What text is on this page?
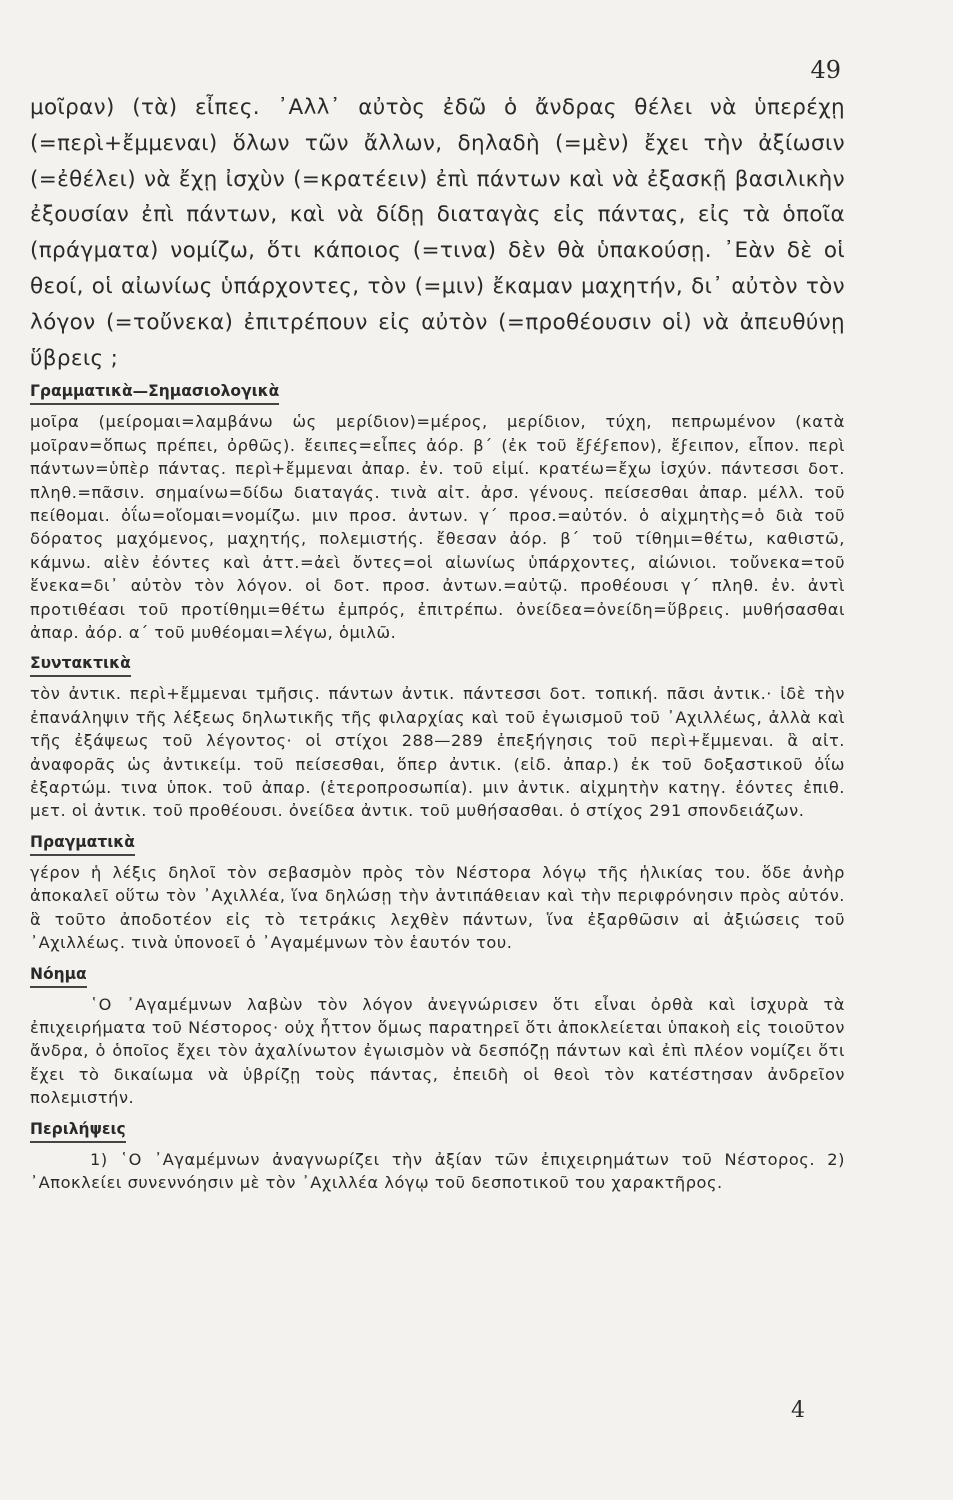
49

μοῖραν) (τὰ) εἶπες. ᾿Αλλ᾿ αὐτὸς ἐδῶ ὁ ἄνδρας θέλει νὰ ὑπερέχῃ (=περὶ+ἔμμεναι) ὅλων τῶν ἄλλων, δηλαδὴ (=μὲν) ἔχει τὴν ἀξίωσιν (=ἐθέλει) νὰ ἔχῃ ἰσχὺν (=κρατέειν) ἐπὶ πάντων καὶ νὰ ἐξασκῇ βασιλικὴν ἐξουσίαν ἐπὶ πάντων, καὶ νὰ δίδῃ διαταγὰς εἰς πάντας, εἰς τὰ ὁποῖα (πράγματα) νομίζω, ὅτι κάποιος (=τινα) δὲν θὰ ὑπακούσῃ. ᾿Εὰν δὲ οἱ θεοί, οἱ αἰωνίως ὑπάρχοντες, τὸν (=μιν) ἔκαμαν μαχητήν, δι᾿ αὐτὸν τὸν λόγον (=τοὔνεκα) ἐπιτρέπουν εἰς αὐτὸν (=προθέουσιν οἱ) νὰ ἀπευθύνῃ ὕβρεις ;

Γραμματικὰ—Σημασιολογικὰ

μοῖρα (μείρομαι=λαμβάνω ὡς μερίδιον)=μέρος, μερίδιον, τύχη, πεπρωμένον (κατὰ μοῖραν=ὅπως πρέπει, ὀρθῶς). ἔειπες=εἶπες ἀόρ. β΄ (ἐκ τοῦ ἔϝέϝεπον), ἔϝειπον, εἶπον. περὶ πάντων=ὑπὲρ πάντας. περὶ+ἔμμεναι ἀπαρ. ἐν. τοῦ εἰμί. κρατέω=ἔχω ἰσχύν. πάντεσσι δοτ. πληθ.=πᾶσιν. σημαίνω=δίδω διαταγάς. τινὰ αἰτ. ἀρσ. γένους. πείσεσθαι ἀπαρ. μέλλ. τοῦ πείθομαι. ὀΐω=οἴομαι=νομίζω. μιν προσ. ἀντων. γ΄ προσ.=αὐτόν. ὁ αἰχμητὴς=ὁ διὰ τοῦ δόρατος μαχόμενος, μαχητής, πολεμιστής. ἔθεσαν ἀόρ. β΄ τοῦ τίθημι=θέτω, καθιστῶ, κάμνω. αἰὲν ἐόντες καὶ ἀττ.=ἀεὶ ὄντες=οἱ αἰωνίως ὑπάρχοντες, αἰώνιοι. τοὔνεκα=τοῦ ἕνεκα=δι᾿ αὐτὸν τὸν λόγον. οἱ δοτ. προσ. ἀντων.=αὐτῷ. προθέουσι γ΄ πληθ. ἐν. ἀντὶ προτιθέασι τοῦ προτίθημι=θέτω ἐμπρός, ἐπιτρέπω. ὀνείδεα=ὀνείδη=ὕβρεις. μυθήσασθαι ἀπαρ. ἀόρ. α΄ τοῦ μυθέομαι=λέγω, ὁμιλῶ.

Συντακτικὰ

τὸν ἀντικ. περὶ+ἔμμεναι τμῆσις. πάντων ἀντικ. πάντεσσι δοτ. τοπική. πᾶσι ἀντικ.· ἰδὲ τὴν ἐπανάληψιν τῆς λέξεως δηλωτικῆς τῆς φιλαρχίας καὶ τοῦ ἐγωισμοῦ τοῦ ᾿Αχιλλέως, ἀλλὰ καὶ τῆς ἐξάψεως τοῦ λέγοντος· οἱ στίχοι 288—289 ἐπεξήγησις τοῦ περὶ+ἔμμεναι. ἃ αἰτ. ἀναφορᾶς ὡς ἀντικείμ. τοῦ πείσεσθαι, ὅπερ ἀντικ. (εἰδ. ἀπαρ.) ἐκ τοῦ δοξαστικοῦ ὀΐω ἐξαρτώμ. τινα ὑποκ. τοῦ ἀπαρ. (ἑτεροπροσωπία). μιν ἀντικ. αἰχμητὴν κατηγ. ἐόντες ἐπιθ. μετ. οἱ ἀντικ. τοῦ προθέουσι. ὀνείδεα ἀντικ. τοῦ μυθήσασθαι. ὁ στίχος 291 σπονδειάζων.

Πραγματικὰ

γέρον ἡ λέξις δηλοῖ τὸν σεβασμὸν πρὸς τὸν Νέστορα λόγῳ τῆς ἡλικίας του. ὅδε ἀνὴρ ἀποκαλεῖ οὕτω τὸν ᾿Αχιλλέα, ἵνα δηλώσῃ τὴν ἀντιπάθειαν καὶ τὴν περιφρόνησιν πρὸς αὐτόν. ἃ τοῦτο ἀποδοτέον εἰς τὸ τετράκις λεχθὲν πάντων, ἵνα ἐξαρθῶσιν αἱ ἀξιώσεις τοῦ ᾿Αχιλλέως. τινὰ ὑπονοεῖ ὁ ᾿Αγαμέμνων τὸν ἑαυτόν του.

Νόημα

῾Ο ᾿Αγαμέμνων λαβὼν τὸν λόγον ἀνεγνώρισεν ὅτι εἶναι ὀρθὰ καὶ ἰσχυρὰ τὰ ἐπιχειρήματα τοῦ Νέστορος· οὐχ ἧττον ὅμως παρατηρεῖ ὅτι ἀποκλείεται ὑπακοὴ εἰς τοιοῦτον ἄνδρα, ὁ ὁποῖος ἔχει τὸν ἀχαλίνωτον ἐγωισμὸν νὰ δεσπόζῃ πάντων καὶ ἐπὶ πλέον νομίζει ὅτι ἔχει τὸ δικαίωμα νὰ ὑβρίζῃ τοὺς πάντας, ἐπειδὴ οἱ θεοὶ τὸν κατέστησαν ἀνδρεῖον πολεμιστήν.

Περιλήψεις

1) ῾Ο ᾿Αγαμέμνων ἀναγνωρίζει τὴν ἀξίαν τῶν ἐπιχειρημάτων τοῦ Νέστορος. 2) ᾿Αποκλείει συνεννόησιν μὲ τὸν ᾿Αχιλλέα λόγῳ τοῦ δεσποτικοῦ του χαρακτῆρος.

4
